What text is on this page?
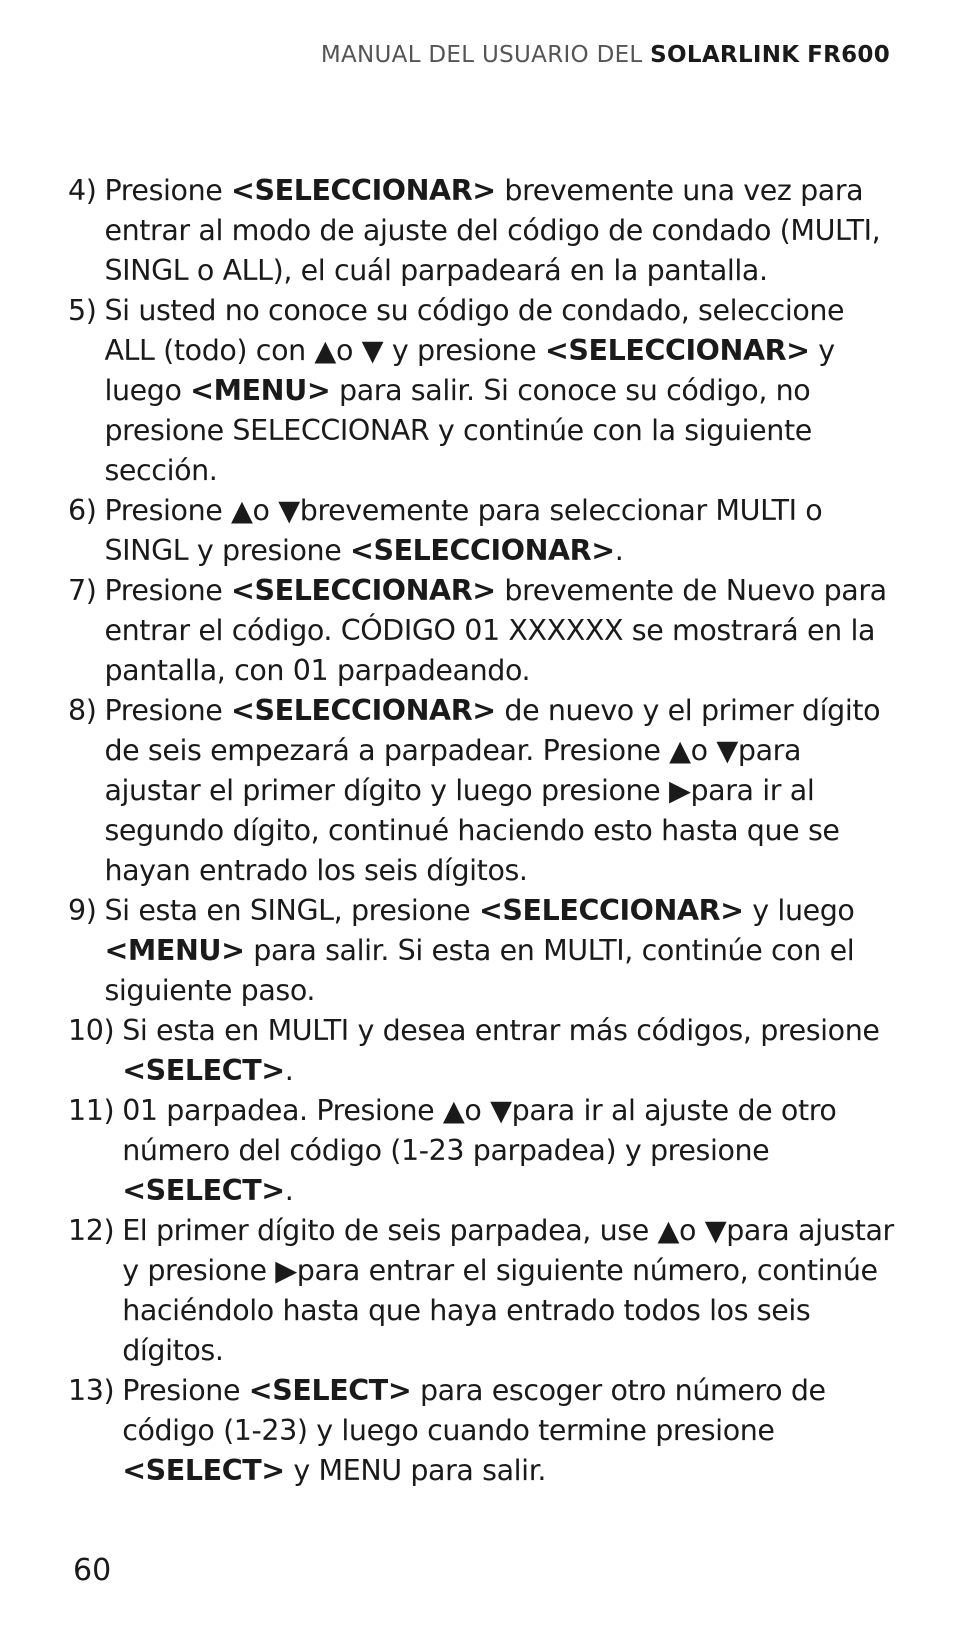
MANUAL DEL USUARIO DEL SOLARLINK FR600
4) Presione <SELECCIONAR> brevemente una vez para entrar al modo de ajuste del código de condado (MULTI, SINGL o ALL), el cuál parpadeará en la pantalla.
5) Si usted no conoce su código de condado, seleccione ALL (todo) con ▲o ▼ y presione <SELECCIONAR> y luego <MENU> para salir. Si conoce su código, no presione SELECCIONAR y continúe con la siguiente sección.
6) Presione ▲o ▼brevemente para seleccionar MULTI o SINGL y presione <SELECCIONAR>.
7) Presione <SELECCIONAR> brevemente de Nuevo para entrar el código. CÓDIGO 01 XXXXXX se mostrará en la pantalla, con 01 parpadeando.
8) Presione <SELECCIONAR> de nuevo y el primer dígito de seis empezará a parpadear. Presione ▲o ▼para ajustar el primer dígito y luego presione ▶para ir al segundo dígito, continué haciendo esto hasta que se hayan entrado los seis dígitos.
9) Si esta en SINGL, presione <SELECCIONAR> y luego <MENU> para salir. Si esta en MULTI, continúe con el siguiente paso.
10) Si esta en MULTI y desea entrar más códigos, presione <SELECT>.
11) 01 parpadea. Presione ▲o ▼para ir al ajuste de otro número del código (1-23 parpadea) y presione <SELECT>.
12) El primer dígito de seis parpadea, use ▲o ▼para ajustar y presione ▶para entrar el siguiente número, continúe haciéndolo hasta que haya entrado todos los seis dígitos.
13) Presione <SELECT> para escoger otro número de código (1-23) y luego cuando termine presione <SELECT> y MENU para salir.
60
